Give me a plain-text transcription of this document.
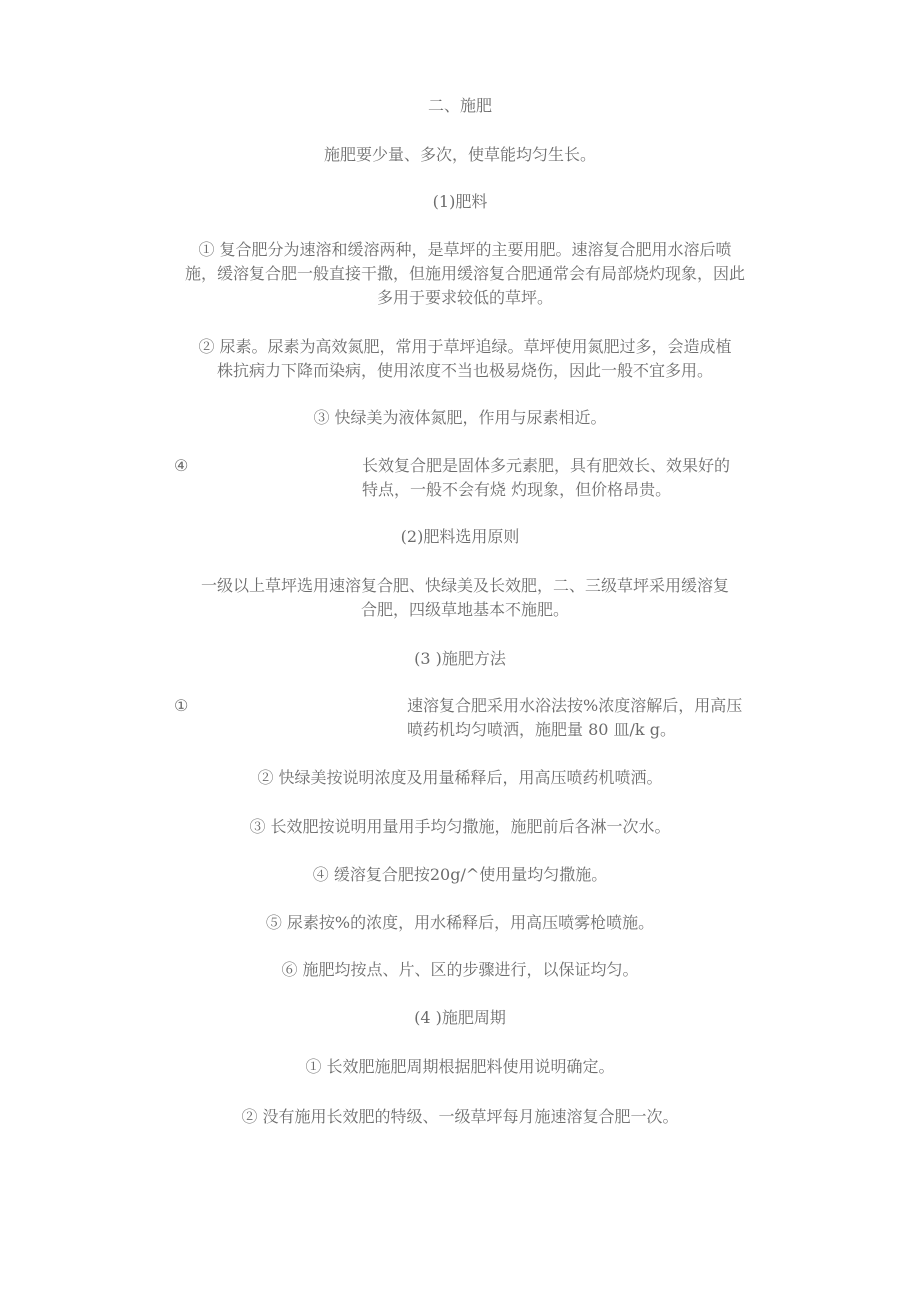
二、施肥
施肥要少量、多次，使草能均匀生长。
(1)肥料
① 复合肥分为速溶和缓溶两种，是草坪的主要用肥。速溶复合肥用水溶后喷
施，缓溶复合肥一般直接干撒，但施用缓溶复合肥通常会有局部烧灼现象，因此
多用于要求较低的草坪。
② 尿素。尿素为高效氮肥，常用于草坪追绿。草坪使用氮肥过多，会造成植
株抗病力下降而染病，使用浓度不当也极易烧伤，因此一般不宜多用。
③ 快绿美为液体氮肥，作用与尿素相近。
④	长效复合肥是固体多元素肥，具有肥效长、效果好的
特点，一般不会有烧 灼现象，但价格昂贵。
(2)肥料选用原则
一级以上草坪选用速溶复合肥、快绿美及长效肥，二、三级草坪采用缓溶复
合肥，四级草地基本不施肥。
(3 )施肥方法
①	速溶复合肥采用水浴法按%浓度溶解后，用高压
喷药机均匀喷洒，施肥量 80 皿/k g。
② 快绿美按说明浓度及用量稀释后，用高压喷药机喷洒。
③ 长效肥按说明用量用手均匀撒施，施肥前后各淋一次水。
④ 缓溶复合肥按20g/^使用量均匀撒施。
⑤ 尿素按%的浓度，用水稀释后，用高压喷雾枪喷施。
⑥ 施肥均按点、片、区的步骤进行，以保证均匀。
(4 )施肥周期
① 长效肥施肥周期根据肥料使用说明确定。
② 没有施用长效肥的特级、一级草坪每月施速溶复合肥一次。
